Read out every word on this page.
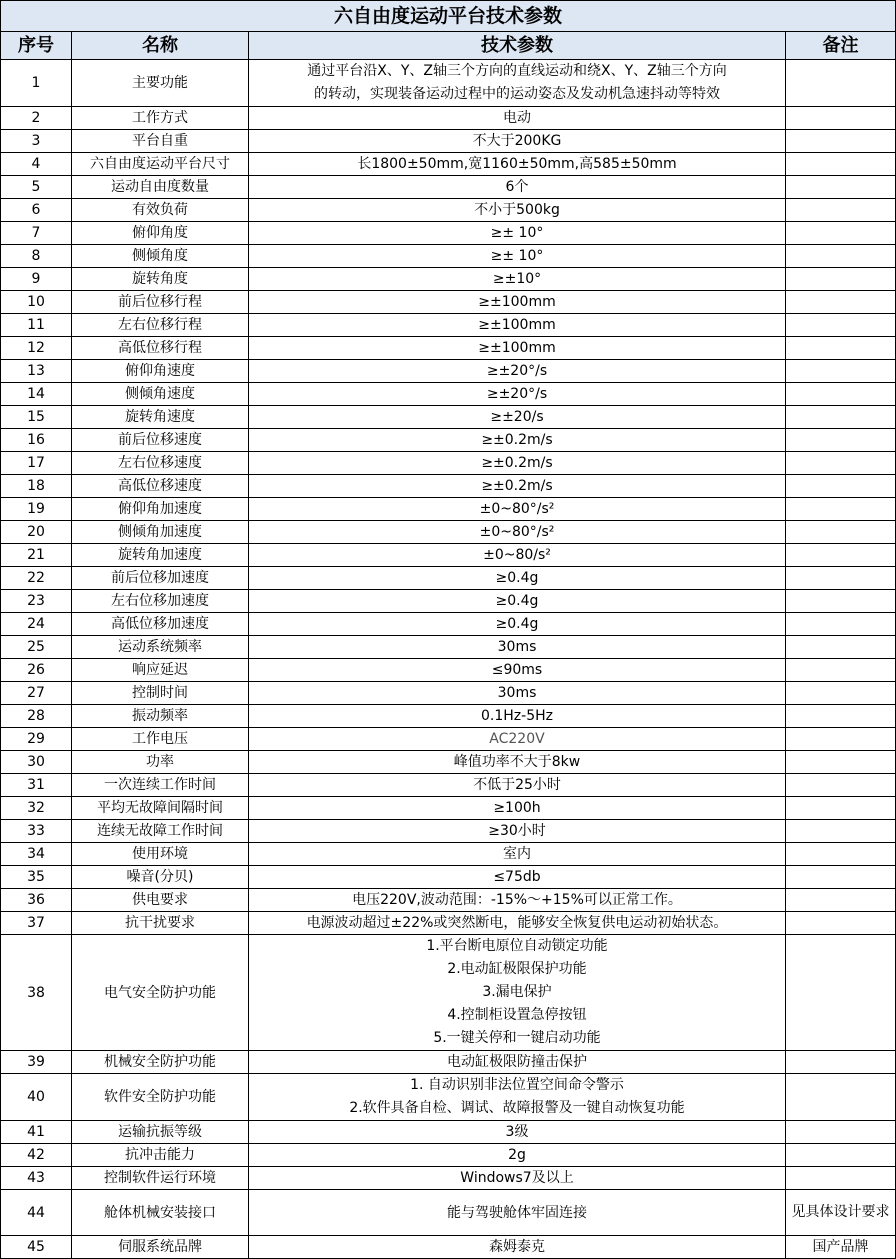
六自由度运动平台技术参数			
序号	名称	技术参数	备注
1	主要功能	通过平台沿X、Y、Z轴三个方向的直线运动和绕X、Y、Z轴三个方向
的转动，实现装备运动过程中的运动姿态及发动机急速抖动等特效	

2	工作方式	电动	

3	平台自重	不大于200KG	

4	六自由度运动平台尺寸	长1800±50mm,宽1160±50mm,高585±50mm	

5	运动自由度数量	6个	

6	有效负荷	不小于500kg	

7	俯仰角度	≥± 10°	

8	侧倾角度	≥± 10°	

9	旋转角度	≥±10°	

10	前后位移行程	≥±100mm	

11	左右位移行程	≥±100mm	

12	高低位移行程	≥±100mm	

13	俯仰角速度	≥±20°/s	

14	侧倾角速度	≥±20°/s	

15	旋转角速度	≥±20/s	

16	前后位移速度	≥±0.2m/s	

17	左右位移速度	≥±0.2m/s	

18	高低位移速度	≥±0.2m/s	

19	俯仰角加速度	±0~80°/s²	

20	侧倾角加速度	±0~80°/s²	

21	旋转角加速度	±0~80/s²	

22	前后位移加速度	≥0.4g	

23	左右位移加速度	≥0.4g	

24	高低位移加速度	≥0.4g	

25	运动系统频率	30ms	

26	响应延迟	≤90ms	

27	控制时间	30ms	

28	振动频率	0.1Hz-5Hz	

29	工作电压	AC220V	

30	功率	峰值功率不大于8kw	

31	一次连续工作时间	不低于25小时	

32	平均无故障间隔时间	≥100h	

33	连续无故障工作时间	≥30小时	

34	使用环境	室内	

35	噪音(分贝)	≤75db	

36	供电要求	电压220V,波动范围：-15%～+15%可以正常工作。	

37	抗干扰要求	电源波动超过±22%或突然断电，能够安全恢复供电运动初始状态。	

38	电气安全防护功能	1.平台断电原位自动锁定功能
2.电动缸极限保护功能
3.漏电保护
4.控制柜设置急停按钮
5.一键关停和一键启动功能	

39	机械安全防护功能	电动缸极限防撞击保护	

40	软件安全防护功能	1. 自动识别非法位置空间命令警示
2.软件具备自检、调试、故障报警及一键自动恢复功能	

41	运输抗振等级	3级	

42	抗冲击能力	2g	

43	控制软件运行环境	Windows7及以上	

44	舱体机械安装接口	能与驾驶舱体牢固连接	见具体设计要求
45	伺服系统品牌	森姆泰克	国产品牌
